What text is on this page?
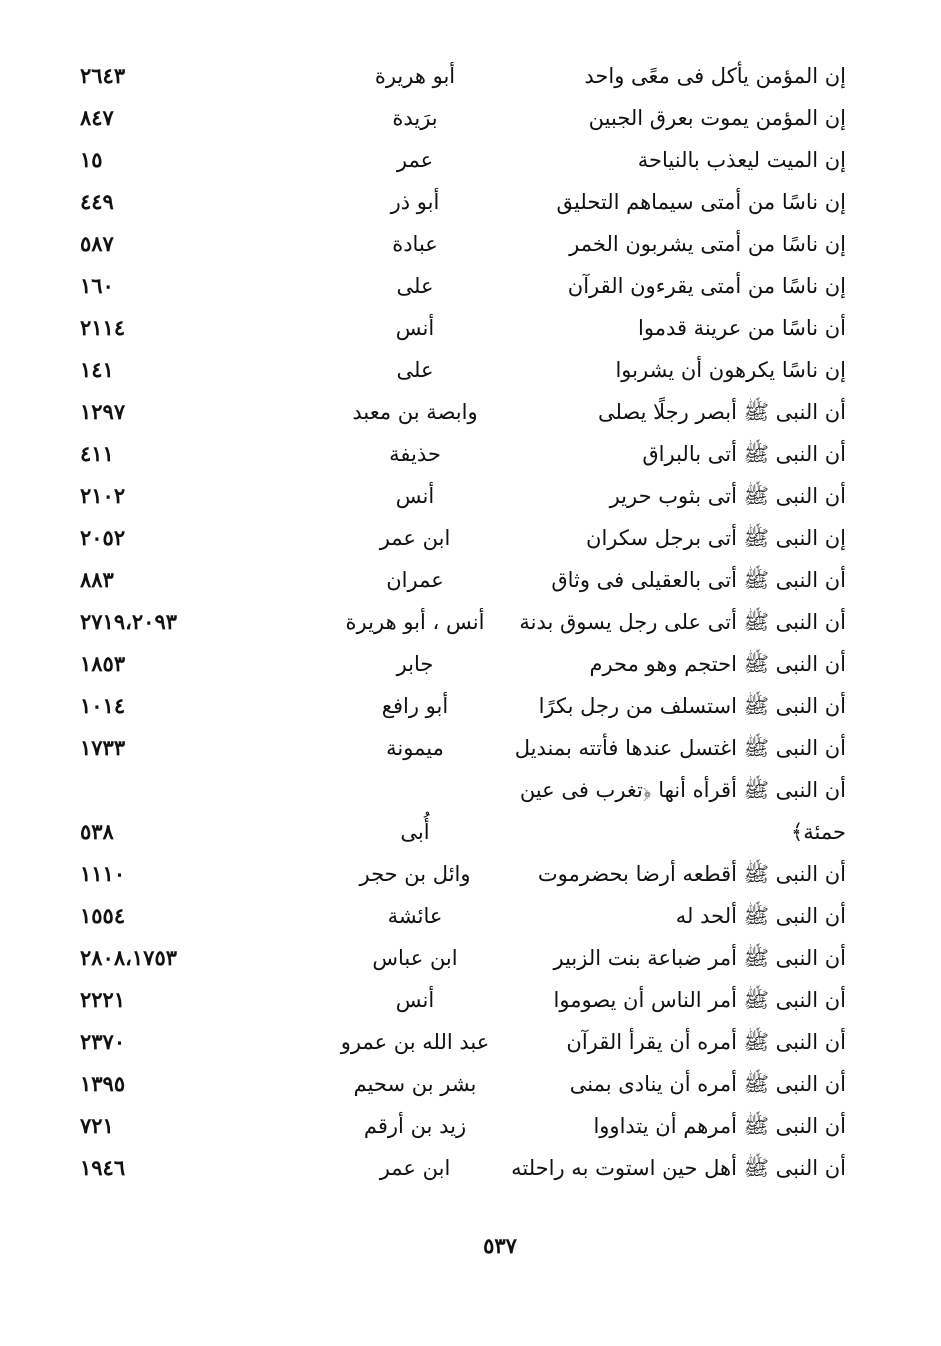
إن المؤمن يأكل فى معًى واحد
أبو هريرة
٢٦٤٣
إن المؤمن يموت بعرق الجبين
برَيدة
٨٤٧
إن الميت ليعذب بالنياحة
عمر
١٥
إن ناسًا من أمتى سيماهم التحليق
أبو ذر
٤٤٩
إن ناسًا من أمتى يشربون الخمر
عبادة
٥٨٧
إن ناسًا من أمتى يقرءون القرآن
على
١٦٠
أن ناسًا من عرينة قدموا
أنس
٢١١٤
إن ناسًا يكرهون أن يشربوا
على
١٤١
أن النبى ﷺ أبصر رجلًا يصلى
وابصة بن معبد
١٢٩٧
أن النبى ﷺ أتى بالبراق
حذيفة
٤١١
أن النبى ﷺ أتى بثوب حرير
أنس
٢١٠٢
إن النبى ﷺ أتى برجل سكران
ابن عمر
٢٠٥٢
أن النبى ﷺ أتى بالعقيلى فى وثاق
عمران
٨٨٣
أن النبى ﷺ أتى على رجل يسوق بدنة
أنس ، أبو هريرة
٢٧١٩،٢٠٩٣
أن النبى ﷺ احتجم وهو محرم
جابر
١٨٥٣
أن النبى ﷺ استسلف من رجل بكرًا
أبو رافع
١٠١٤
أن النبى ﷺ اغتسل عندها فأتته بمنديل
ميمونة
١٧٣٣
أن النبى ﷺ أقرأه أنها ﴿تغرب فى عين
حمئة﴾
أُبى
٥٣٨
أن النبى ﷺ أقطعه أرضا بحضرموت
وائل بن حجر
١١١٠
أن النبى ﷺ ألحد له
عائشة
١٥٥٤
أن النبى ﷺ أمر ضباعة بنت الزبير
ابن عباس
٢٨٠٨،١٧٥٣
أن النبى ﷺ أمر الناس أن يصوموا
أنس
٢٢٢١
أن النبى ﷺ أمره أن يقرأ القرآن
عبد الله بن عمرو
٢٣٧٠
أن النبى ﷺ أمره أن ينادى بمنى
بشر بن سحيم
١٣٩٥
أن النبى ﷺ أمرهم أن يتداووا
زيد بن أرقم
٧٢١
أن النبى ﷺ أهل حين استوت به راحلته
ابن عمر
١٩٤٦
٥٣٧
